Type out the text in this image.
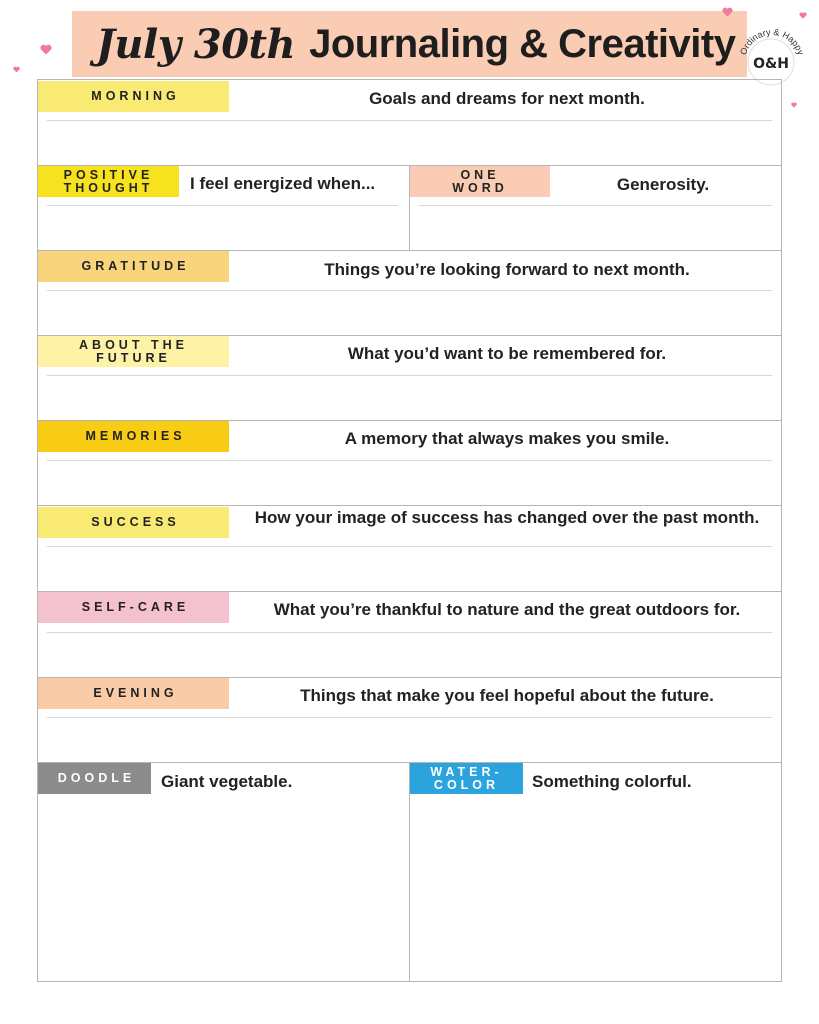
July 30th Journaling & Creativity Ordinary & Happy
O&H
MORNING	Goals and dreams for next month.
POSITIVE THOUGHT	I feel energized when...	ONE WORD	Generosity.
GRATITUDE	Things you’re looking forward to next month.
ABOUT THE FUTURE	What you’d want to be remembered for.
MEMORIES	A memory that always makes you smile.
SUCCESS	How your image of success has changed over the past month.
SELF-CARE	What you’re thankful to nature and the great outdoors for.
EVENING	Things that make you feel hopeful about the future.
DOODLE	Giant vegetable.
WATER-COLOR	Something colorful.
